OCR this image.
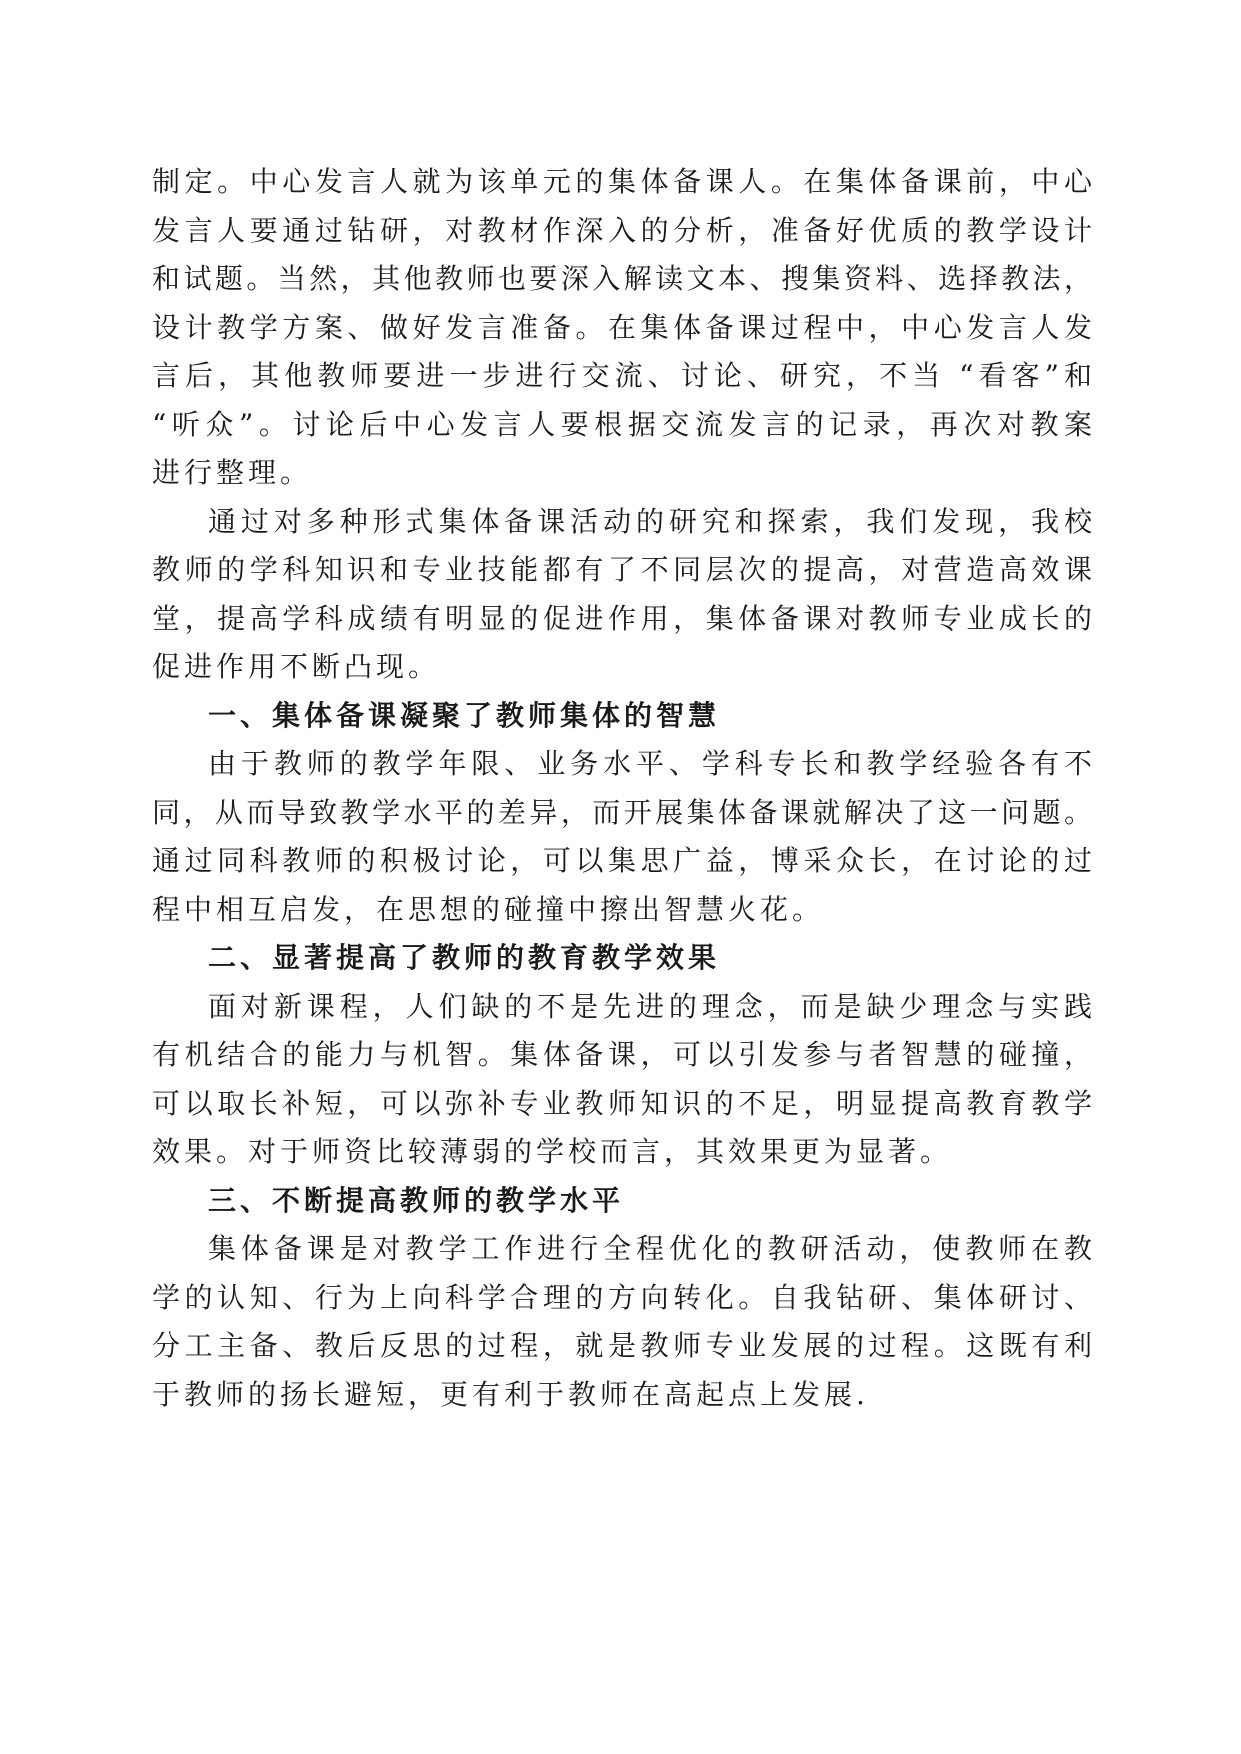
制定。中心发言人就为该单元的集体备课人。在集体备课前，中心
发言人要通过钻研，对教材作深入的分析，准备好优质的教学设计
和试题。当然，其他教师也要深入解读文本、搜集资料、选择教法，
设计教学方案、做好发言准备。在集体备课过程中，中心发言人发
言后，其他教师要进一步进行交流、讨论、研究，不当 “看客”和
“听众”。讨论后中心发言人要根据交流发言的记录，再次对教案
进行整理。
通过对多种形式集体备课活动的研究和探索，我们发现，我校
教师的学科知识和专业技能都有了不同层次的提高，对营造高效课
堂，提高学科成绩有明显的促进作用，集体备课对教师专业成长的
促进作用不断凸现。
一、集体备课凝聚了教师集体的智慧
由于教师的教学年限、业务水平、学科专长和教学经验各有不
同，从而导致教学水平的差异，而开展集体备课就解决了这一问题。
通过同科教师的积极讨论，可以集思广益，博采众长，在讨论的过
程中相互启发，在思想的碰撞中擦出智慧火花。
二、显著提高了教师的教育教学效果
面对新课程，人们缺的不是先进的理念，而是缺少理念与实践
有机结合的能力与机智。集体备课，可以引发参与者智慧的碰撞，
可以取长补短，可以弥补专业教师知识的不足，明显提高教育教学
效果。对于师资比较薄弱的学校而言，其效果更为显著。
三、不断提高教师的教学水平
集体备课是对教学工作进行全程优化的教研活动，使教师在教
学的认知、行为上向科学合理的方向转化。自我钻研、集体研讨、
分工主备、教后反思的过程，就是教师专业发展的过程。这既有利
于教师的扬长避短，更有利于教师在高起点上发展.
